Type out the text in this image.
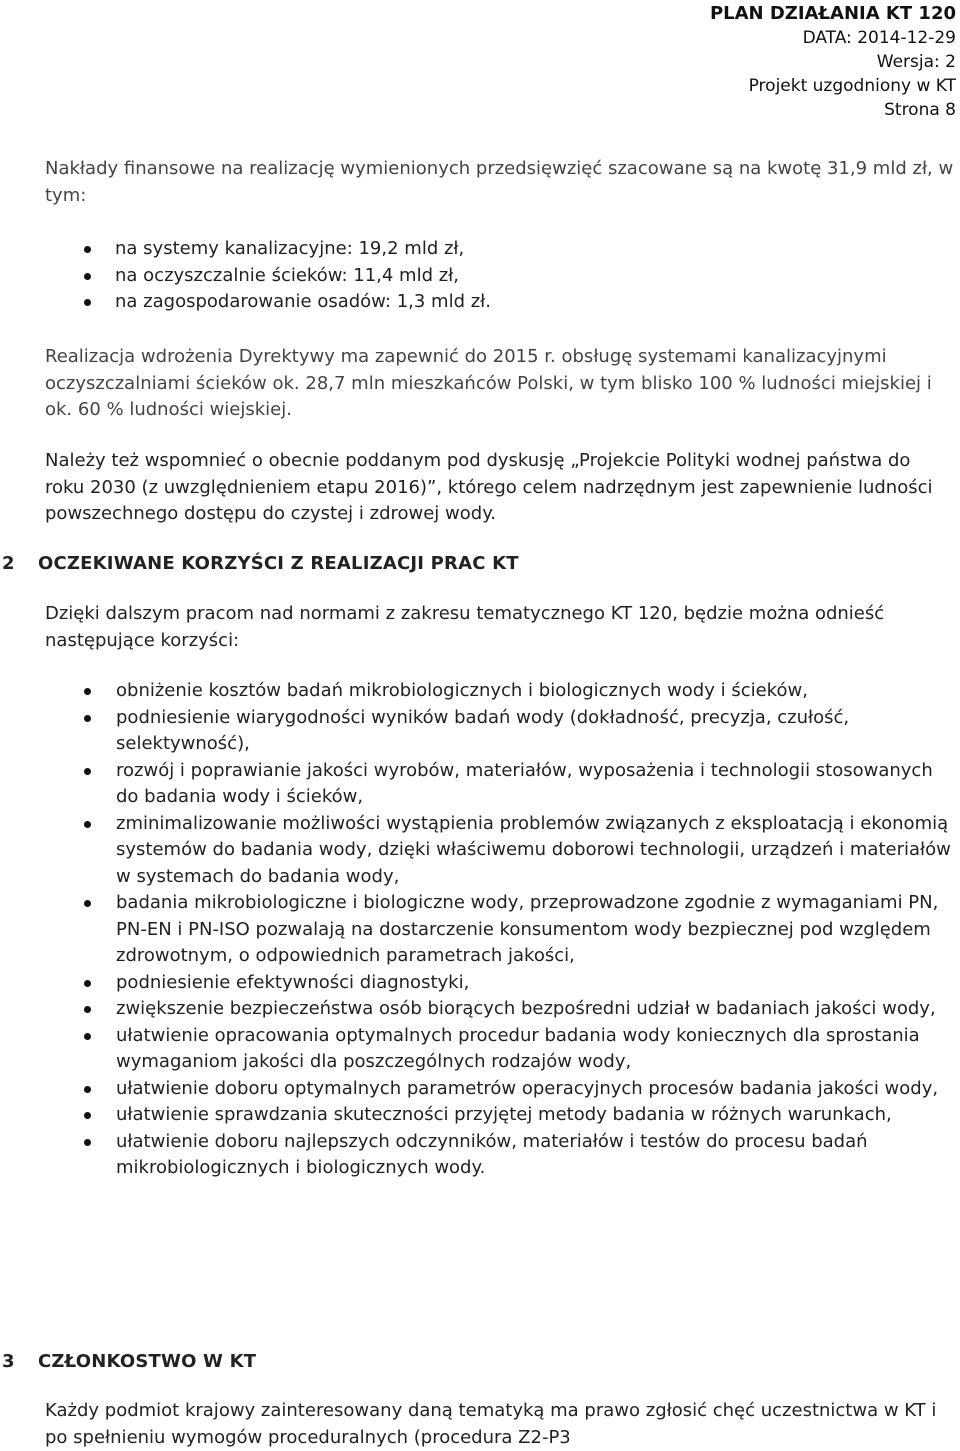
PLAN DZIAŁANIA KT 120
DATA: 2014-12-29
Wersja: 2
Projekt uzgodniony w KT
Strona 8

Nakłady finansowe na realizację wymienionych przedsięwzięć szacowane są na kwotę 31,9 mld zł, w tym:

na systemy kanalizacyjne: 19,2 mld zł,
na oczyszczalnie ścieków: 11,4 mld zł,
na zagospodarowanie osadów: 1,3 mld zł.

Realizacja wdrożenia Dyrektywy ma zapewnić do 2015 r. obsługę systemami kanalizacyjnymi oczyszczalniami ścieków ok. 28,7 mln mieszkańców Polski, w tym blisko 100 % ludności miejskiej i ok. 60 % ludności wiejskiej.

Należy też wspomnieć o obecnie poddanym pod dyskusję „Projekcie Polityki wodnej państwa do roku 2030 (z uwzględnieniem etapu 2016)”, którego celem nadrzędnym jest zapewnienie ludności powszechnego dostępu do czystej i zdrowej wody.

2 OCZEKIWANE KORZYŚCI Z REALIZACJI PRAC KT

Dzięki dalszym pracom nad normami z zakresu tematycznego KT 120, będzie można odnieść następujące korzyści:

obniżenie kosztów badań mikrobiologicznych i biologicznych wody i ścieków,
podniesienie wiarygodności wyników badań wody (dokładność, precyzja, czułość, selektywność),
rozwój i poprawianie jakości wyrobów, materiałów, wyposażenia i technologii stosowanych do badania wody i ścieków,
zminimalizowanie możliwości wystąpienia problemów związanych z eksploatacją i ekonomią systemów do badania wody, dzięki właściwemu doborowi technologii, urządzeń i materiałów w systemach do badania wody,
badania mikrobiologiczne i biologiczne wody, przeprowadzone zgodnie z wymaganiami PN, PN-EN i PN-ISO pozwalają na dostarczenie konsumentom wody bezpiecznej pod względem zdrowotnym, o odpowiednich parametrach jakości,
podniesienie efektywności diagnostyki,
zwiększenie bezpieczeństwa osób biorących bezpośredni udział w badaniach jakości wody,
ułatwienie opracowania optymalnych procedur badania wody koniecznych dla sprostania wymaganiom jakości dla poszczególnych rodzajów wody,
ułatwienie doboru optymalnych parametrów operacyjnych procesów badania jakości wody,
ułatwienie sprawdzania skuteczności przyjętej metody badania w różnych warunkach,
ułatwienie doboru najlepszych odczynników, materiałów i testów do procesu badań mikrobiologicznych i biologicznych wody.
3 CZŁONKOSTWO W KT

Każdy podmiot krajowy zainteresowany daną tematyką ma prawo zgłosić chęć uczestnictwa w KT i po spełnieniu wymogów proceduralnych (procedura Z2-P3
